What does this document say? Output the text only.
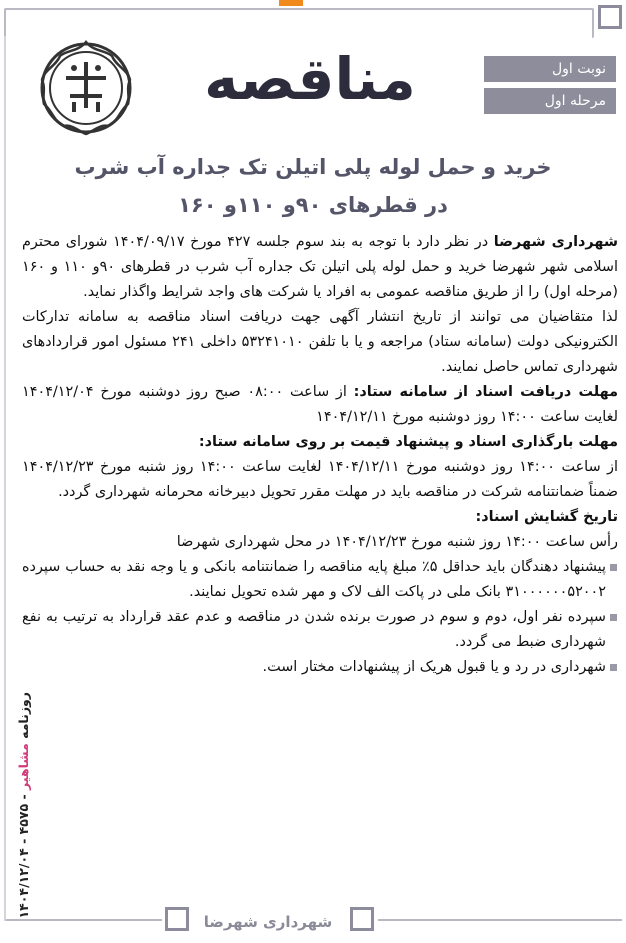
نوبت اول
مرحله اول
مناقصه
خرید و حمل لوله پلی اتیلن تک جداره آب شرب
در قطرهای ۹۰و ۱۱۰و ۱۶۰

شهرداری شهرضا در نظر دارد با توجه به بند سوم جلسه ۴۲۷ مورخ ۱۴۰۴/۰۹/۱۷ شورای محترم اسلامی شهر شهرضا خرید و حمل لوله پلی اتیلن تک جداره آب شرب در قطرهای ۹۰و ۱۱۰ و ۱۶۰ (مرحله اول) را از طریق مناقصه عمومی به افراد یا شرکت های واجد شرایط واگذار نماید.

لذا متقاضیان می توانند از تاریخ انتشار آگهی جهت دریافت اسناد مناقصه به سامانه تدارکات الکترونیکی دولت (سامانه ستاد) مراجعه و یا با تلفن ۵۳۲۴۱۰۱۰ داخلی ۲۴۱ مسئول امور قراردادهای شهرداری تماس حاصل نمایند.

مهلت دریافت اسناد از سامانه ستاد: از ساعت ۰۸:۰۰ صبح روز دوشنبه مورخ ۱۴۰۴/۱۲/۰۴ لغایت ساعت ۱۴:۰۰ روز دوشنبه مورخ ۱۴۰۴/۱۲/۱۱

مهلت بارگذاری اسناد و پیشنهاد قیمت بر روی سامانه ستاد:

از ساعت ۱۴:۰۰ روز دوشنبه مورخ ۱۴۰۴/۱۲/۱۱ لغایت ساعت ۱۴:۰۰ روز شنبه مورخ ۱۴۰۴/۱۲/۲۳ ضمناً ضمانتنامه شرکت در مناقصه باید در مهلت مقرر تحویل دبیرخانه محرمانه شهرداری گردد.

تاریخ گشایش اسناد:

رأس ساعت ۱۴:۰۰ روز شنبه مورخ ۱۴۰۴/۱۲/۲۳ در محل شهرداری شهرضا

پیشنهاد دهندگان باید حداقل ۵٪ مبلغ پایه مناقصه را ضمانتنامه بانکی و یا وجه نقد به حساب سپرده ۳۱۰۰۰۰۰۰۵۲۰۰۲ بانک ملی در پاکت الف لاک و مهر شده تحویل نمایند.

سپرده نفر اول، دوم و سوم در صورت برنده شدن در مناقصه و عدم عقد قرارداد به ترتیب به نفع شهرداری ضبط می گردد.

شهرداری در رد و یا قبول هریک از پیشنهادات مختار است.

روزنامه مشاهیر - ۴۵۷۵ - ۱۴۰۴/۱۲/۰۴
شهرداری شهرضا
